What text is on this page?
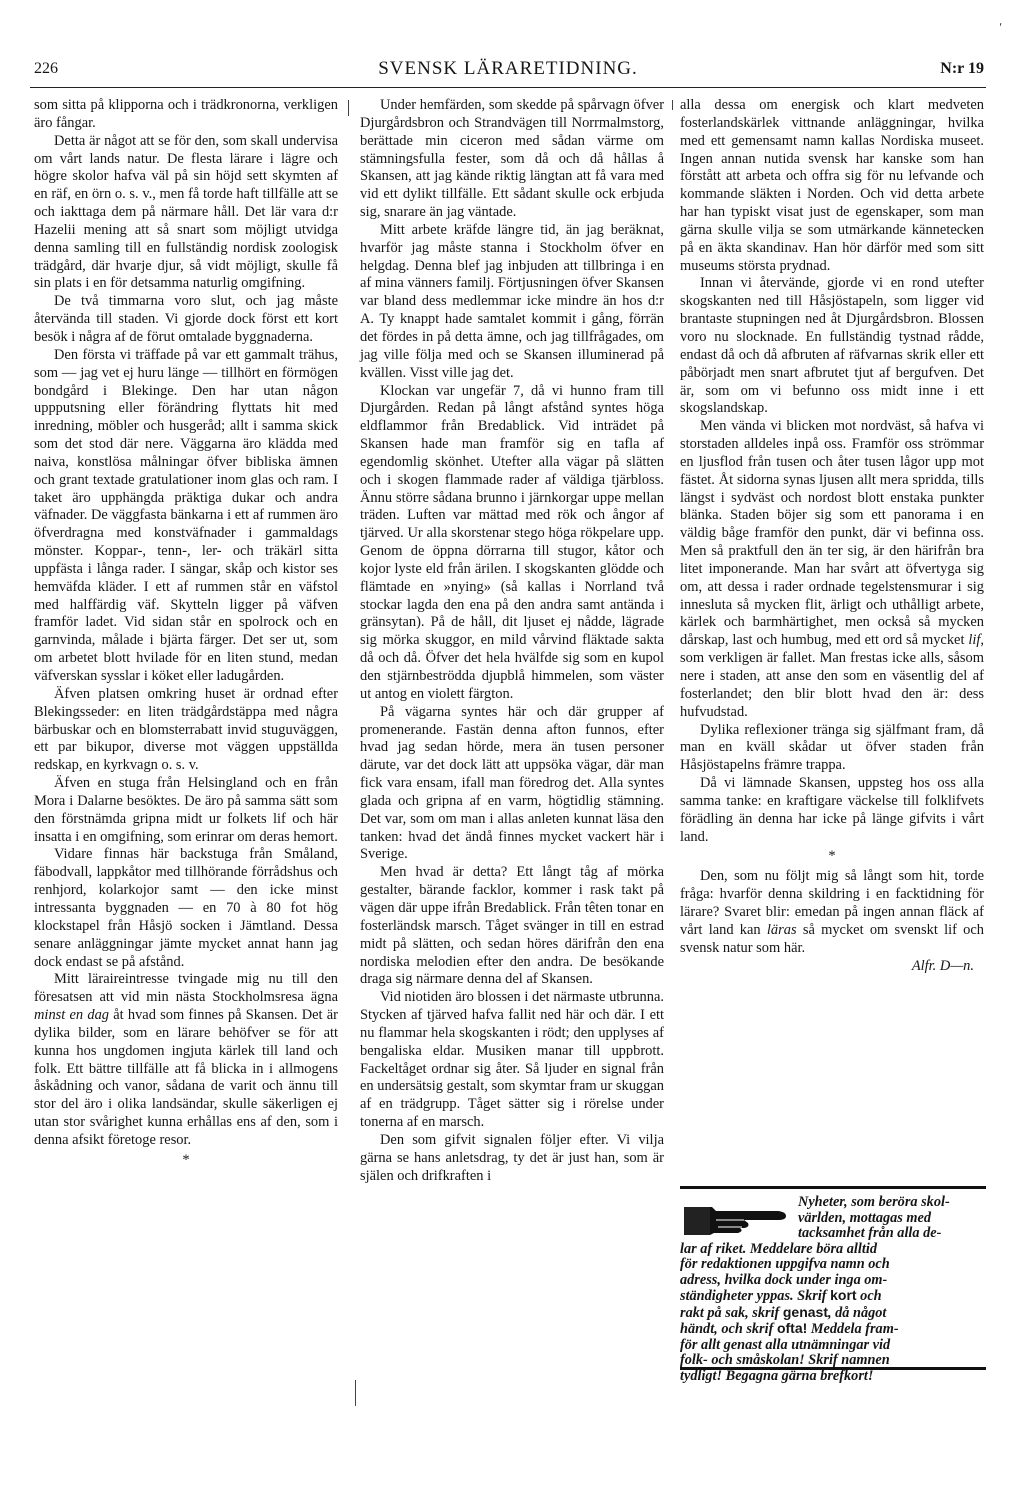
ʹ
226	SVENSK LÄRARETIDNING.	N:r 19

som sitta på klipporna och i trädkronorna, verkligen äro fångar.

Detta är något att se för den, som skall undervisa om vårt lands natur. De flesta lärare i lägre och högre skolor hafva väl på sin höjd sett skymten af en räf, en örn o. s. v., men få torde haft tillfälle att se och iakttaga dem på närmare håll. Det lär vara d:r Hazelii mening att så snart som möjligt utvidga denna samling till en fullständig nordisk zoologisk trädgård, där hvarje djur, så vidt möjligt, skulle få sin plats i en för detsamma naturlig omgifning.

De två timmarna voro slut, och jag måste återvända till staden. Vi gjorde dock först ett kort besök i några af de förut omtalade byggnaderna.

Den första vi träffade på var ett gammalt trähus, som — jag vet ej huru länge — tillhört en förmögen bondgård i Blekinge. Den har utan någon uppputsning eller förändring flyttats hit med inredning, möbler och husgeråd; allt i samma skick som det stod där nere. Väggarna äro klädda med naiva, konstlösa målningar öfver bibliska ämnen och grant textade gratulationer inom glas och ram. I taket äro upphängda präktiga dukar och andra väfnader. De väggfasta bänkarna i ett af rummen äro öfverdragna med konstväfnader i gammaldags mönster. Koppar-, tenn-, ler- och träkärl sitta uppfästa i långa rader. I sängar, skåp och kistor ses hemväfda kläder. I ett af rummen står en väfstol med halffärdig väf. Skytteln ligger på väfven framför ladet. Vid sidan står en spolrock och en garnvinda, målade i bjärta färger. Det ser ut, som om arbetet blott hvilade för en liten stund, medan väfverskan sysslar i köket eller ladugården.

Äfven platsen omkring huset är ordnad efter Blekingsseder: en liten trädgårdstäppa med några bärbuskar och en blomsterrabatt invid stuguväggen, ett par bikupor, diverse mot väggen uppställda redskap, en kyrkvagn o. s. v.

Äfven en stuga från Helsingland och en från Mora i Dalarne besöktes. De äro på samma sätt som den förstnämda gripna midt ur folkets lif och här insatta i en omgifning, som erinrar om deras hemort.

Vidare finnas här backstuga från Småland, fäbodvall, lappkåtor med tillhörande förrådshus och renhjord, kolarkojor samt — den icke minst intressanta byggnaden — en 70 à 80 fot hög klockstapel från Håsjö socken i Jämtland. Dessa senare anläggningar jämte mycket annat hann jag dock endast se på afstånd.

Mitt läraireintresse tvingade mig nu till den föresatsen att vid min nästa Stockholmsresa ägna minst en dag åt hvad som finnes på Skansen. Det är dylika bilder, som en lärare behöfver se för att kunna hos ungdomen ingjuta kärlek till land och folk. Ett bättre tillfälle att få blicka in i allmogens åskådning och vanor, sådana de varit och ännu till stor del äro i olika landsändar, skulle säkerligen ej utan stor svårighet kunna erhållas ens af den, som i denna afsikt företoge resor.

*

Under hemfärden, som skedde på spårvagn öfver Djurgårdsbron och Strandvägen till Norrmalmstorg, berättade min ciceron med sådan värme om stämningsfulla fester, som då och då hållas å Skansen, att jag kände riktig längtan att få vara med vid ett dylikt tillfälle. Ett sådant skulle ock erbjuda sig, snarare än jag väntade.

Mitt arbete kräfde längre tid, än jag beräknat, hvarför jag måste stanna i Stockholm öfver en helgdag. Denna blef jag inbjuden att tillbringa i en af mina vänners familj. Förtjusningen öfver Skansen var bland dess medlemmar icke mindre än hos d:r A. Ty knappt hade samtalet kommit i gång, förrän det fördes in på detta ämne, och jag tillfrågades, om jag ville följa med och se Skansen illuminerad på kvällen. Visst ville jag det.

Klockan var ungefär 7, då vi hunno fram till Djurgården. Redan på långt afstånd syntes höga eldflammor från Bredablick. Vid inträdet på Skansen hade man framför sig en tafla af egendomlig skönhet. Utefter alla vägar på slätten och i skogen flammade rader af väldiga tjärbloss. Ännu större sådana brunno i järnkorgar uppe mellan träden. Luften var mättad med rök och ångor af tjärved. Ur alla skorstenar stego höga rökpelare upp. Genom de öppna dörrarna till stugor, kåtor och kojor lyste eld från ärilen. I skogskanten glödde och flämtade en »nying» (så kallas i Norrland två stockar lagda den ena på den andra samt antända i gränsytan). På de håll, dit ljuset ej nådde, lägrade sig mörka skuggor, en mild vårvind fläktade sakta då och då. Öfver det hela hvälfde sig som en kupol den stjärnbeströdda djupblå himmelen, som väster ut antog en violett färgton.

På vägarna syntes här och där grupper af promenerande. Fastän denna afton funnos, efter hvad jag sedan hörde, mera än tusen personer därute, var det dock lätt att uppsöka vägar, där man fick vara ensam, ifall man föredrog det. Alla syntes glada och gripna af en varm, högtidlig stämning. Det var, som om man i allas anleten kunnat läsa den tanken: hvad det ändå finnes mycket vackert här i Sverige.

Men hvad är detta? Ett långt tåg af mörka gestalter, bärande facklor, kommer i rask takt på vägen där uppe ifrån Bredablick. Från têten tonar en fosterländsk marsch. Tåget svänger in till en estrad midt på slätten, och sedan höres därifrån den ena nordiska melodien efter den andra. De besökande draga sig närmare denna del af Skansen.

Vid niotiden äro blossen i det närmaste utbrunna. Stycken af tjärved hafva fallit ned här och där. I ett nu flammar hela skogskanten i rödt; den upplyses af bengaliska eldar. Musiken manar till uppbrott. Fackeltåget ordnar sig åter. Så ljuder en signal från en undersätsig gestalt, som skymtar fram ur skuggan af en trädgrupp. Tåget sätter sig i rörelse under tonerna af en marsch.

Den som gifvit signalen följer efter. Vi vilja gärna se hans anletsdrag, ty det är just han, som är själen och drifkraften i

alla dessa om energisk och klart medveten fosterlandskärlek vittnande anläggningar, hvilka med ett gemensamt namn kallas Nordiska museet. Ingen annan nutida svensk har kanske som han förstått att arbeta och offra sig för nu lefvande och kommande släkten i Norden. Och vid detta arbete har han typiskt visat just de egenskaper, som man gärna skulle vilja se som utmärkande kännetecken på en äkta skandinav. Han hör därför med som sitt museums största prydnad.

Innan vi återvände, gjorde vi en rond utefter skogskanten ned till Håsjöstapeln, som ligger vid brantaste stupningen ned åt Djurgårdsbron. Blossen voro nu slocknade. En fullständig tystnad rådde, endast då och då afbruten af räfvarnas skrik eller ett påbörjadt men snart afbrutet tjut af bergufven. Det är, som om vi befunno oss midt inne i ett skogslandskap.

Men vända vi blicken mot nordväst, så hafva vi storstaden alldeles inpå oss. Framför oss strömmar en ljusflod från tusen och åter tusen lågor upp mot fästet. Åt sidorna synas ljusen allt mera spridda, tills längst i sydväst och nordost blott enstaka punkter blänka. Staden böjer sig som ett panorama i en väldig båge framför den punkt, där vi befinna oss. Men så praktfull den än ter sig, är den härifrån bra litet imponerande. Man har svårt att öfvertyga sig om, att dessa i rader ordnade tegelstensmurar i sig innesluta så mycken flit, ärligt och uthålligt arbete, kärlek och barmhärtighet, men också så mycken dårskap, last och humbug, med ett ord så mycket lif, som verkligen är fallet. Man frestas icke alls, såsom nere i staden, att anse den som en väsentlig del af fosterlandet; den blir blott hvad den är: dess hufvudstad.

Dylika reflexioner tränga sig själfmant fram, då man en kväll skådar ut öfver staden från Håsjöstapelns främre trappa.

Då vi lämnade Skansen, uppsteg hos oss alla samma tanke: en kraftigare väckelse till folklifvets förädling än denna har icke på länge gifvits i vårt land.

*

Den, som nu följt mig så långt som hit, torde fråga: hvarför denna skildring i en facktidning för lärare? Svaret blir: emedan på ingen annan fläck af vårt land kan läras så mycket om svenskt lif och svensk natur som här.

Alfr. D—n.

Nyheter, som beröra skol-
världen, mottagas med
tacksamhet från alla de-
lar af riket. Meddelare böra alltid
för redaktionen uppgifva namn och
adress, hvilka dock under inga om-
ständigheter yppas. Skrif kort och
rakt på sak, skrif genast, då något
händt, och skrif ofta! Meddela fram-
för allt genast alla utnämningar vid
folk- och småskolan! Skrif namnen
tydligt! Begagna gärna brefkort!
